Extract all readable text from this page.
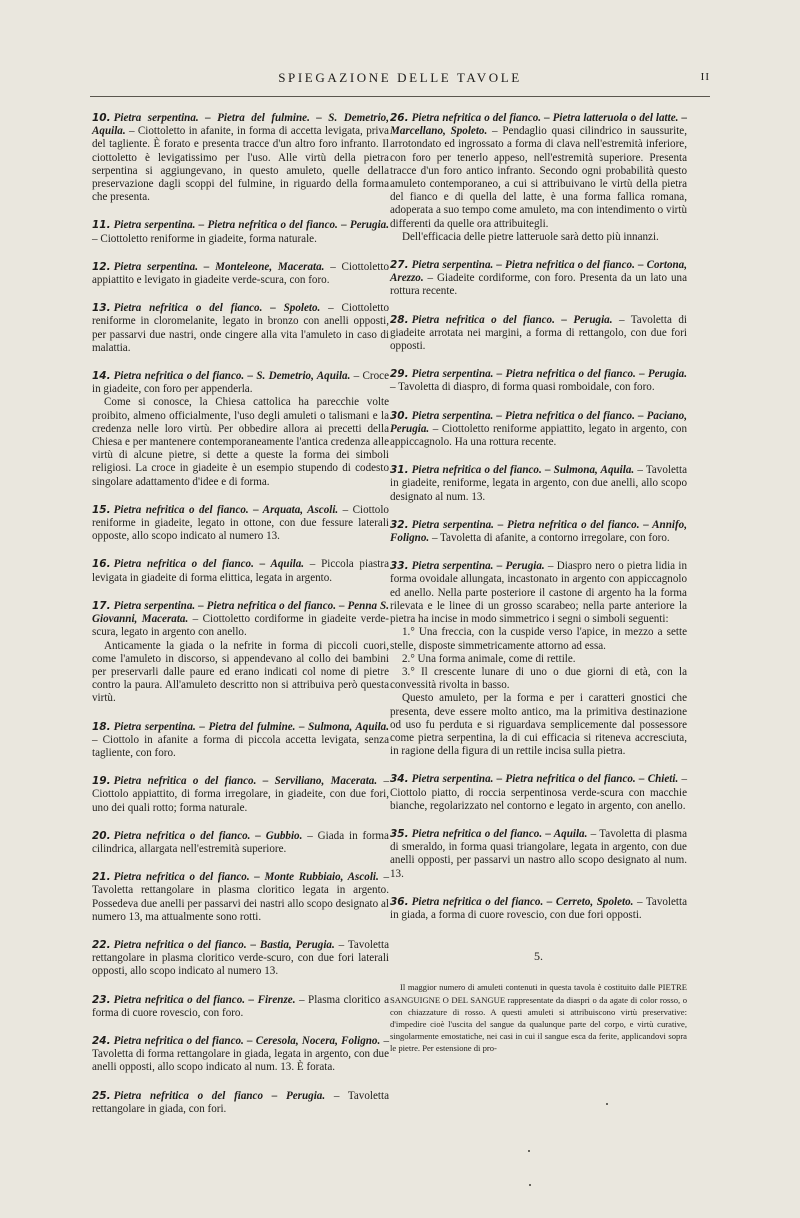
SPIEGAZIONE DELLE TAVOLE	II

10. Pietra serpentina. – Pietra del fulmine. – S. Demetrio, Aquila. – Ciottoletto in afanite, in forma di accetta levigata, priva del tagliente. È forato e presenta tracce d'un altro foro infranto. Il ciottoletto è levigatissimo per l'uso. Alle virtù della pietra serpentina si aggiungevano, in questo amuleto, quelle della preservazione dagli scoppi del fulmine, in riguardo della forma che presenta.

11. Pietra serpentina. – Pietra nefritica o del fianco. – Perugia. – Ciottoletto reniforme in giadeite, forma naturale.

12. Pietra serpentina. – Monteleone, Macerata. – Ciottoletto appiattito e levigato in giadeite verde-scura, con foro.

13. Pietra nefritica o del fianco. – Spoleto. – Ciottoletto reniforme in cloromelanite, legato in bronzo con anelli opposti, per passarvi due nastri, onde cingere alla vita l'amuleto in caso di malattia.

14. Pietra nefritica o del fianco. – S. Demetrio, Aquila. – Croce in giadeite, con foro per appenderla.

Come si conosce, la Chiesa cattolica ha parecchie volte proibito, almeno officialmente, l'uso degli amuleti o talismani e la credenza nelle loro virtù. Per obbedire allora ai precetti della Chiesa e per mantenere contemporaneamente l'antica credenza alle virtù di alcune pietre, si dette a queste la forma dei simboli religiosi. La croce in giadeite è un esempio stupendo di codesto singolare adattamento d'idee e di forma.

15. Pietra nefritica o del fianco. – Arquata, Ascoli. – Ciottolo reniforme in giadeite, legato in ottone, con due fessure laterali opposte, allo scopo indicato al numero 13.

16. Pietra nefritica o del fianco. – Aquila. – Piccola piastra levigata in giadeite di forma elittica, legata in argento.

17. Pietra serpentina. – Pietra nefritica o del fianco. – Penna S. Giovanni, Macerata. – Ciottoletto cordiforme in giadeite verde-scura, legato in argento con anello.

Anticamente la giada o la nefrite in forma di piccoli cuori, come l'amuleto in discorso, si appendevano al collo dei bambini per preservarli dalle paure ed erano indicati col nome di pietre contro la paura. All'amuleto descritto non si attribuiva però questa virtù.

18. Pietra serpentina. – Pietra del fulmine. – Sulmona, Aquila. – Ciottolo in afanite a forma di piccola accetta levigata, senza tagliente, con foro.

19. Pietra nefritica o del fianco. – Serviliano, Macerata. – Ciottolo appiattito, di forma irregolare, in giadeite, con due fori, uno dei quali rotto; forma naturale.

20. Pietra nefritica o del fianco. – Gubbio. – Giada in forma cilindrica, allargata nell'estremità superiore.

21. Pietra nefritica o del fianco. – Monte Rubbiaio, Ascoli. – Tavoletta rettangolare in plasma cloritico legata in argento. Possedeva due anelli per passarvi dei nastri allo scopo designato al numero 13, ma attualmente sono rotti.

22. Pietra nefritica o del fianco. – Bastia, Perugia. – Tavoletta rettangolare in plasma cloritico verde-scuro, con due fori laterali opposti, allo scopo indicato al numero 13.

23. Pietra nefritica o del fianco. – Firenze. – Plasma cloritico a forma di cuore rovescio, con foro.

24. Pietra nefritica o del fianco. – Ceresola, Nocera, Foligno. – Tavoletta di forma rettangolare in giada, legata in argento, con due anelli opposti, allo scopo indicato al num. 13. È forata.

25. Pietra nefritica o del fianco – Perugia. – Tavoletta rettangolare in giada, con fori.

26. Pietra nefritica o del fianco. – Pietra latteruola o del latte. – Marcellano, Spoleto. – Pendaglio quasi cilindrico in saussurite, arrotondato ed ingrossato a forma di clava nell'estremità inferiore, con foro per tenerlo appeso, nell'estremità superiore. Presenta tracce d'un foro antico infranto. Secondo ogni probabilità questo amuleto contemporaneo, a cui si attribuivano le virtù della pietra del fianco e di quella del latte, è una forma fallica romana, adoperata a suo tempo come amuleto, ma con intendimento o virtù differenti da quelle ora attribuitegli.

Dell'efficacia delle pietre latteruole sarà detto più innanzi.

27. Pietra serpentina. – Pietra nefritica o del fianco. – Cortona, Arezzo. – Giadeite cordiforme, con foro. Presenta da un lato una rottura recente.

28. Pietra nefritica o del fianco. – Perugia. – Tavoletta di giadeite arrotata nei margini, a forma di rettangolo, con due fori opposti.

29. Pietra serpentina. – Pietra nefritica o del fianco. – Perugia. – Tavoletta di diaspro, di forma quasi romboidale, con foro.

30. Pietra serpentina. – Pietra nefritica o del fianco. – Paciano, Perugia. – Ciottoletto reniforme appiattito, legato in argento, con appiccagnolo. Ha una rottura recente.

31. Pietra nefritica o del fianco. – Sulmona, Aquila. – Tavoletta in giadeite, reniforme, legata in argento, con due anelli, allo scopo designato al num. 13.

32. Pietra serpentina. – Pietra nefritica o del fianco. – Annifo, Foligno. – Tavoletta di afanite, a contorno irregolare, con foro.

33. Pietra serpentina. – Perugia. – Diaspro nero o pietra lidia in forma ovoidale allungata, incastonato in argento con appiccagnolo ed anello. Nella parte posteriore il castone di argento ha la forma rilevata e le linee di un grosso scarabeo; nella parte anteriore la pietra ha incise in modo simmetrico i segni o simboli seguenti:

1.° Una freccia, con la cuspide verso l'apice, in mezzo a sette stelle, disposte simmetricamente attorno ad essa.

2.° Una forma animale, come di rettile.

3.° Il crescente lunare di uno o due giorni di età, con la convessità rivolta in basso.

Questo amuleto, per la forma e per i caratteri gnostici che presenta, deve essere molto antico, ma la primitiva destinazione od uso fu perduta e si riguardava semplicemente dal possessore come pietra serpentina, la di cui efficacia si riteneva accresciuta, in ragione della figura di un rettile incisa sulla pietra.

34. Pietra serpentina. – Pietra nefritica o del fianco. – Chieti. – Ciottolo piatto, di roccia serpentinosa verde-scura con macchie bianche, regolarizzato nel contorno e legato in argento, con anello.

35. Pietra nefritica o del fianco. – Aquila. – Tavoletta di plasma di smeraldo, in forma quasi triangolare, legata in argento, con due anelli opposti, per passarvi un nastro allo scopo designato al num. 13.

36. Pietra nefritica o del fianco. – Cerreto, Spoleto. – Tavoletta in giada, a forma di cuore rovescio, con due fori opposti.

5.

Il maggior numero di amuleti contenuti in questa tavola è costituito dalle PIETRE SANGUIGNE O DEL SANGUE rappresentate da diaspri o da agate di color rosso, o con chiazzature di rosso. A questi amuleti si attribuiscono virtù preservative: d'impedire cioè l'uscita del sangue da qualunque parte del corpo, e virtù curative, singolarmente emostatiche, nei casi in cui il sangue esca da ferite, applicandovi sopra le pietre. Per estensione di pro-
